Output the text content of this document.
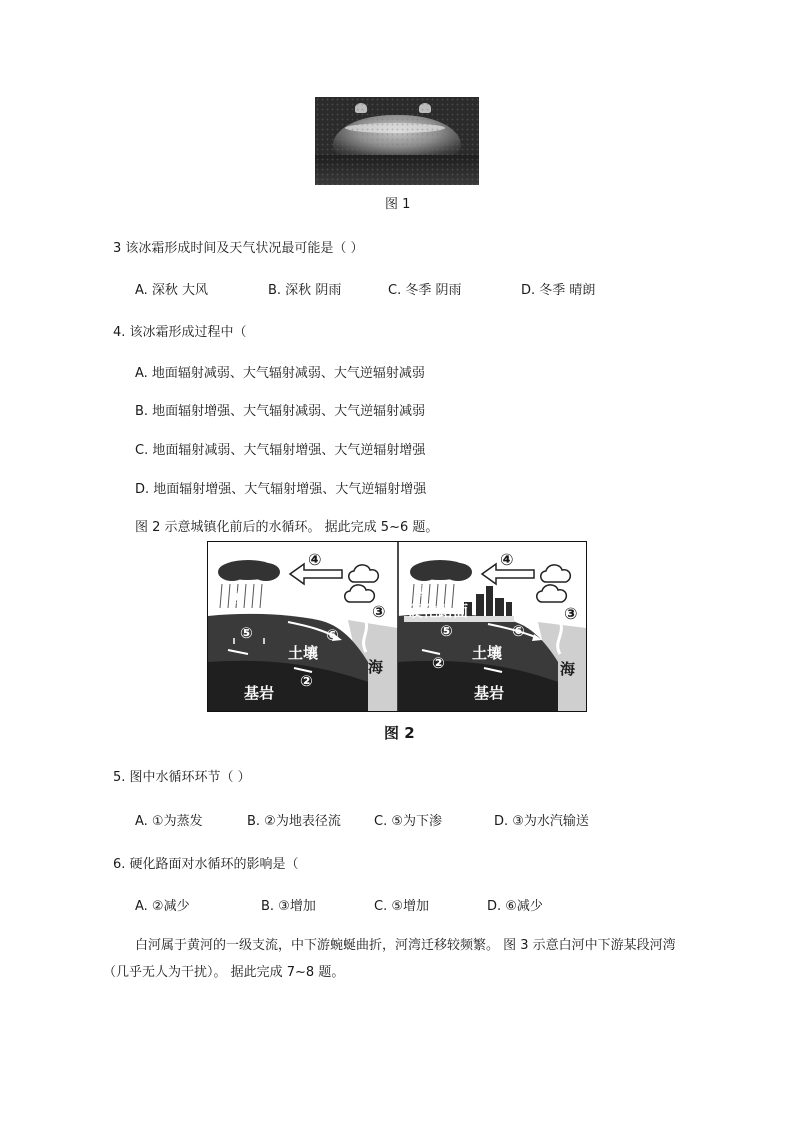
图 1
3 该冰霜形成时间及天气状况最可能是（ ）
A. 深秋 大风	B. 深秋 阴雨	C. 冬季 阴雨	D. 冬季 晴朗
4. 该冰霜形成过程中（
A. 地面辐射减弱、大气辐射减弱、大气逆辐射减弱
B. 地面辐射增强、大气辐射减弱、大气逆辐射减弱
C. 地面辐射减弱、大气辐射增强、大气逆辐射增强
D. 地面辐射增强、大气辐射增强、大气逆辐射增强
图 2 示意城镇化前后的水循环。 据此完成 5~6 题。
④
①
③
⑤	⑥
土壤
海
②
基岩
④
①
硬化路面	③
⑤	⑥
②
土壤
海
基岩
图 2
5. 图中水循环环节（ ）
A. ①为蒸发	B. ②为地表径流	C. ⑤为下渗	D. ③为水汽输送
6. 硬化路面对水循环的影响是（
A. ②减少	B. ③增加	C. ⑤增加	D. ⑥减少
白河属于黄河的一级支流，中下游蜿蜒曲折，河湾迁移较频繁。 图 3 示意白河中下游某段河湾
（几乎无人为干扰）。 据此完成 7~8 题。
